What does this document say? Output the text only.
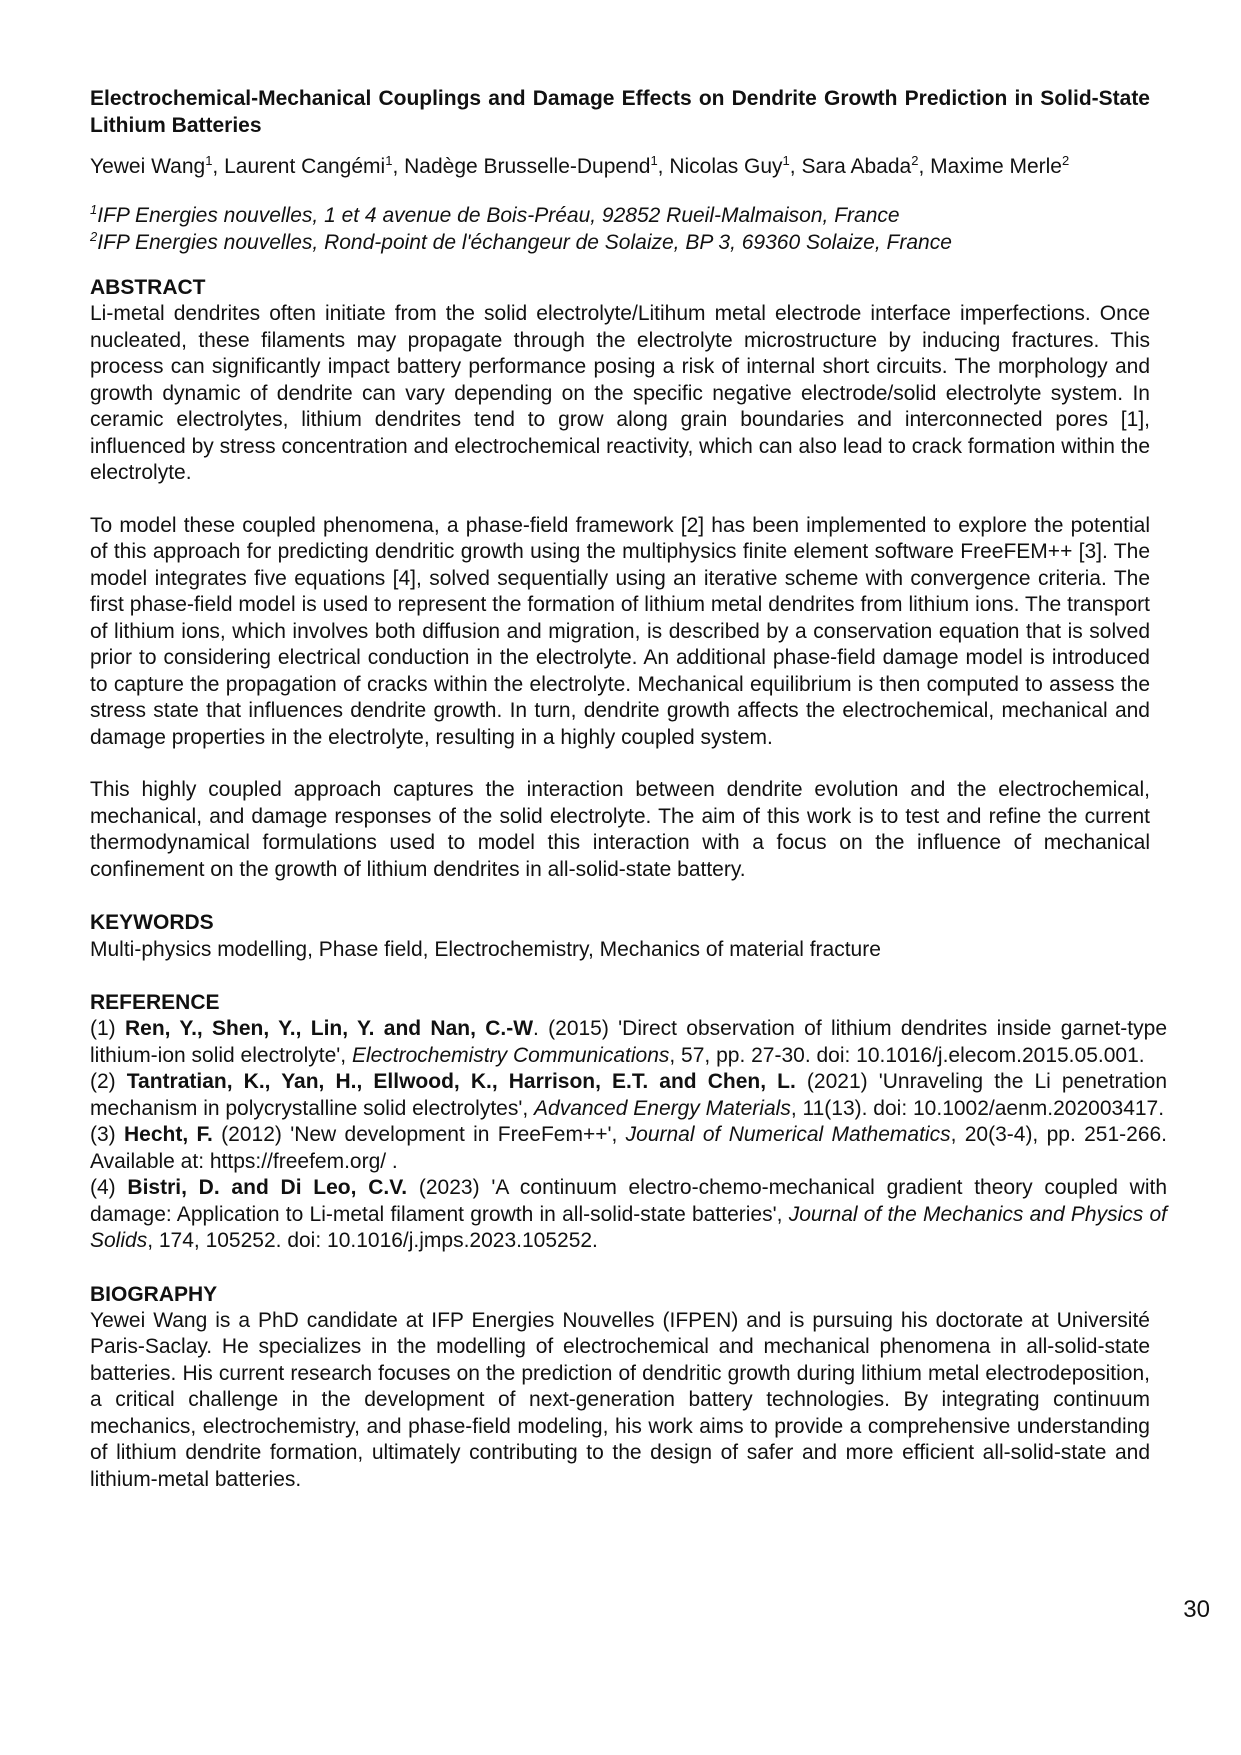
Electrochemical-Mechanical Couplings and Damage Effects on Dendrite Growth Prediction in Solid-State Lithium Batteries

Yewei Wang$^1$, Laurent Cangémi$^1$, Nadège Brusselle-Dupend$^1$, Nicolas Guy$^1$, Sara Abada$^2$, Maxime Merle$^2$

$^1$IFP Energies nouvelles, 1 et 4 avenue de Bois-Préau, 92852 Rueil-Malmaison, France

$^2$IFP Energies nouvelles, Rond-point de l'échangeur de Solaize, BP 3, 69360 Solaize, France

ABSTRACT

Li-metal dendrites often initiate from the solid electrolyte/Litihum metal electrode interface imperfections. Once nucleated, these filaments may propagate through the electrolyte microstructure by inducing fractures. This process can significantly impact battery performance posing a risk of internal short circuits. The morphology and growth dynamic of dendrite can vary depending on the specific negative electrode/solid electrolyte system. In ceramic electrolytes, lithium dendrites tend to grow along grain boundaries and interconnected pores [1], influenced by stress concentration and electrochemical reactivity, which can also lead to crack formation within the electrolyte.

To model these coupled phenomena, a phase-field framework [2] has been implemented to explore the potential of this approach for predicting dendritic growth using the multiphysics finite element software FreeFEM++ [3]. The model integrates five equations [4], solved sequentially using an iterative scheme with convergence criteria. The first phase-field model is used to represent the formation of lithium metal dendrites from lithium ions. The transport of lithium ions, which involves both diffusion and migration, is described by a conservation equation that is solved prior to considering electrical conduction in the electrolyte. An additional phase-field damage model is introduced to capture the propagation of cracks within the electrolyte. Mechanical equilibrium is then computed to assess the stress state that influences dendrite growth. In turn, dendrite growth affects the electrochemical, mechanical and damage properties in the electrolyte, resulting in a highly coupled system.

This highly coupled approach captures the interaction between dendrite evolution and the electrochemical, mechanical, and damage responses of the solid electrolyte. The aim of this work is to test and refine the current thermodynamical formulations used to model this interaction with a focus on the influence of mechanical confinement on the growth of lithium dendrites in all-solid-state battery.

KEYWORDS

Multi-physics modelling, Phase field, Electrochemistry, Mechanics of material fracture

REFERENCE

(1) Ren, Y., Shen, Y., Lin, Y. and Nan, C.-W. (2015) 'Direct observation of lithium dendrites inside garnet-type lithium-ion solid electrolyte', Electrochemistry Communications, 57, pp. 27-30. doi: 10.1016/j.elecom.2015.05.001.

(2) Tantratian, K., Yan, H., Ellwood, K., Harrison, E.T. and Chen, L. (2021) 'Unraveling the Li penetration mechanism in polycrystalline solid electrolytes', Advanced Energy Materials, 11(13). doi: 10.1002/aenm.202003417.

(3) Hecht, F. (2012) 'New development in FreeFem++', Journal of Numerical Mathematics, 20(3-4), pp. 251-266. Available at: https://freefem.org/ .

(4) Bistri, D. and Di Leo, C.V. (2023) 'A continuum electro-chemo-mechanical gradient theory coupled with damage: Application to Li-metal filament growth in all-solid-state batteries', Journal of the Mechanics and Physics of Solids, 174, 105252. doi: 10.1016/j.jmps.2023.105252.

BIOGRAPHY

Yewei Wang is a PhD candidate at IFP Energies Nouvelles (IFPEN) and is pursuing his doctorate at Université Paris-Saclay. He specializes in the modelling of electrochemical and mechanical phenomena in all-solid-state batteries. His current research focuses on the prediction of dendritic growth during lithium metal electrodeposition, a critical challenge in the development of next-generation battery technologies. By integrating continuum mechanics, electrochemistry, and phase-field modeling, his work aims to provide a comprehensive understanding of lithium dendrite formation, ultimately contributing to the design of safer and more efficient all-solid-state and lithium-metal batteries.

30
